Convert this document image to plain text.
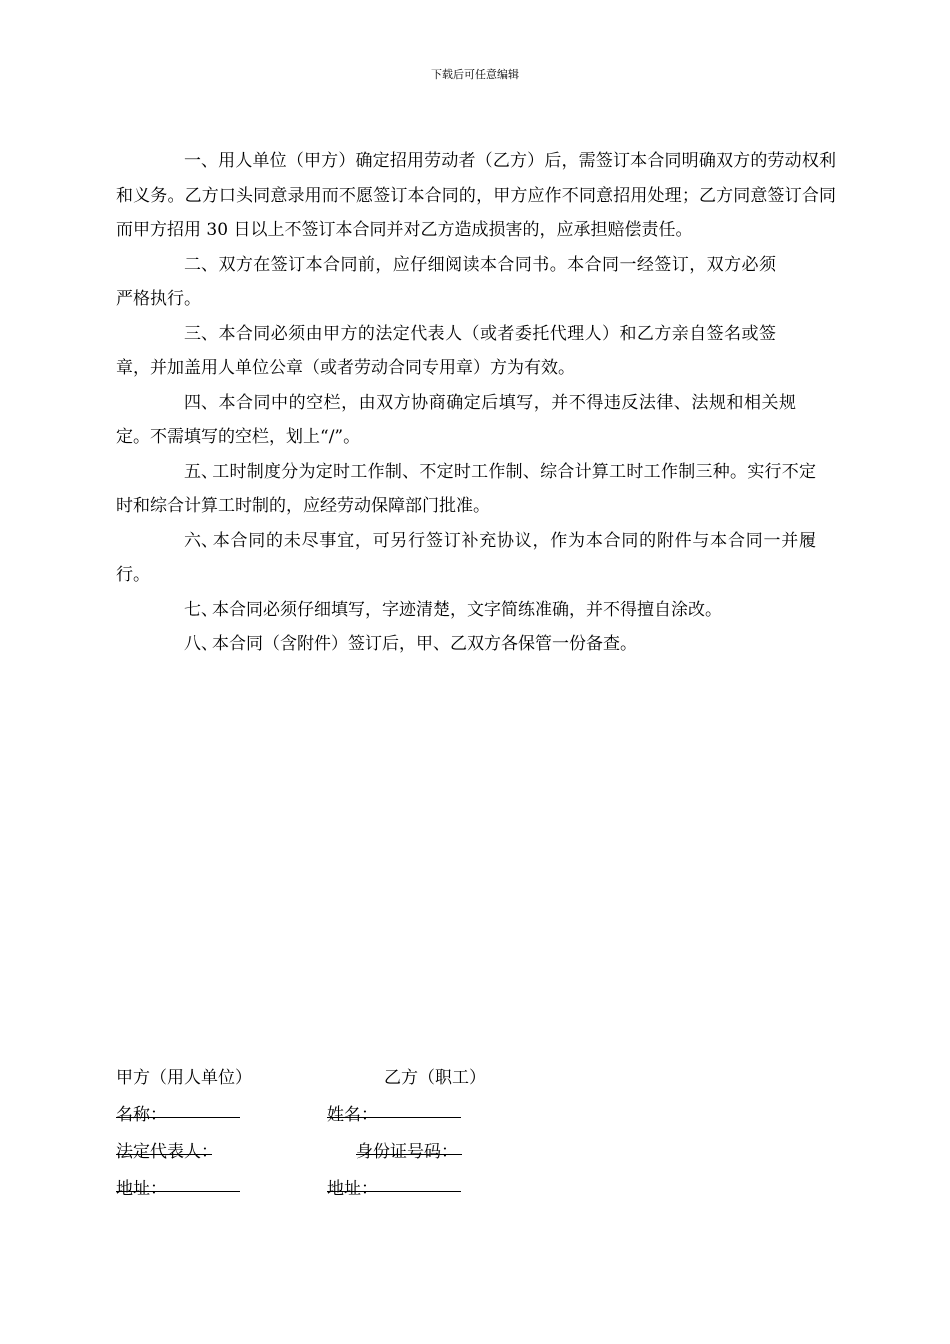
下载后可任意编辑

一、用人单位（甲方）确定招用劳动者（乙方）后，需签订本合同明确双方的劳动权利和义务。乙方口头同意录用而不愿签订本合同的，甲方应作不同意招用处理；乙方同意签订合同而甲方招用 30 日以上不签订本合同并对乙方造成损害的，应承担赔偿责任。

二、双方在签订本合同前，应仔细阅读本合同书。本合同一经签订，双方必须严格执行。

三、本合同必须由甲方的法定代表人（或者委托代理人）和乙方亲自签名或签章，并加盖用人单位公章（或者劳动合同专用章）方为有效。

四、本合同中的空栏，由双方协商确定后填写，并不得违反法律、法规和相关规定。不需填写的空栏，划上“/”。

五、工时制度分为定时工作制、不定时工作制、综合计算工时工作制三种。实行不定时和综合计算工时制的，应经劳动保障部门批准。

六、本合同的未尽事宜，可另行签订补充协议，作为本合同的附件与本合同一并履行。

七、本合同必须仔细填写，字迹清楚，文字简练准确，并不得擅自涂改。

八、本合同（含附件）签订后，甲、乙双方各保管一份备查。

甲方（用人单位）	乙方（职工）
名称：	姓名：
法定代表人：	身份证号码：
地址：	地址：
